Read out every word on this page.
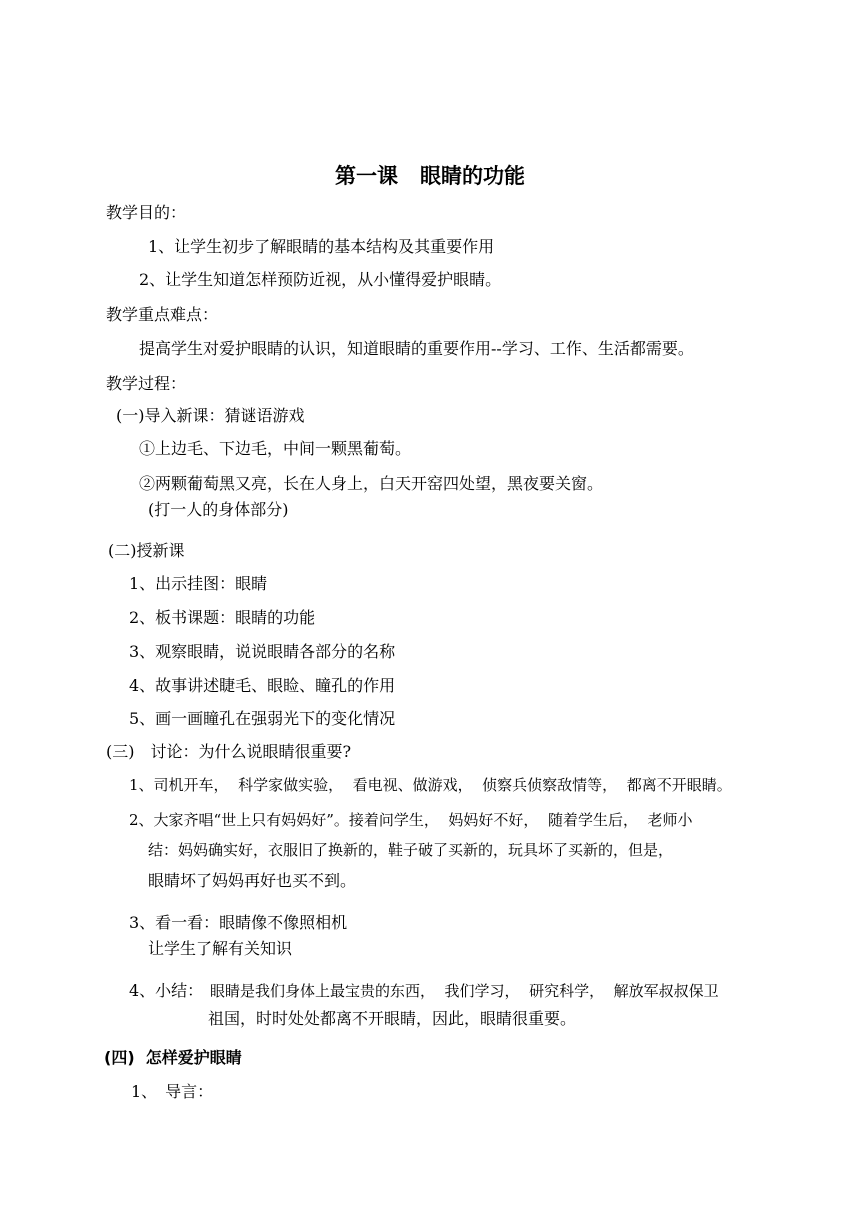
第一课 眼睛的功能
教学目的：
1、让学生初步了解眼睛的基本结构及其重要作用
2、让学生知道怎样预防近视，从小懂得爱护眼睛。
教学重点难点：
提高学生对爱护眼睛的认识，知道眼睛的重要作用--学习、工作、生活都需要。
教学过程：
(一)导入新课：猜谜语游戏
①上边毛、下边毛，中间一颗黑葡萄。
②两颗葡萄黑又亮，长在人身上，白天开窑四处望，黑夜要关窗。
(打一人的身体部分)
(二)授新课
1、出示挂图：眼睛
2、板书课题：眼睛的功能
3、观察眼睛，说说眼睛各部分的名称
4、故事讲述睫毛、眼睑、瞳孔的作用
5、画一画瞳孔在强弱光下的变化情况
(三)　讨论：为什么说眼睛很重要?
1、司机开车，  科学家做实验，  看电视、做游戏，  侦察兵侦察敌情等，  都离不开眼睛。
2、大家齐唱“世上只有妈妈好”。接着问学生，  妈妈好不好，  随着学生后，  老师小
结：妈妈确实好，衣服旧了换新的，鞋子破了买新的，玩具坏了买新的，但是，
眼睛坏了妈妈再好也买不到。
3、看一看：眼睛像不像照相机
让学生了解有关知识
4、小结： 眼睛是我们身体上最宝贵的东西，  我们学习，  研究科学，  解放军叔叔保卫
祖国，时时处处都离不开眼睛，因此，眼睛很重要。
(四)  怎样爱护眼睛
1、　导言：
